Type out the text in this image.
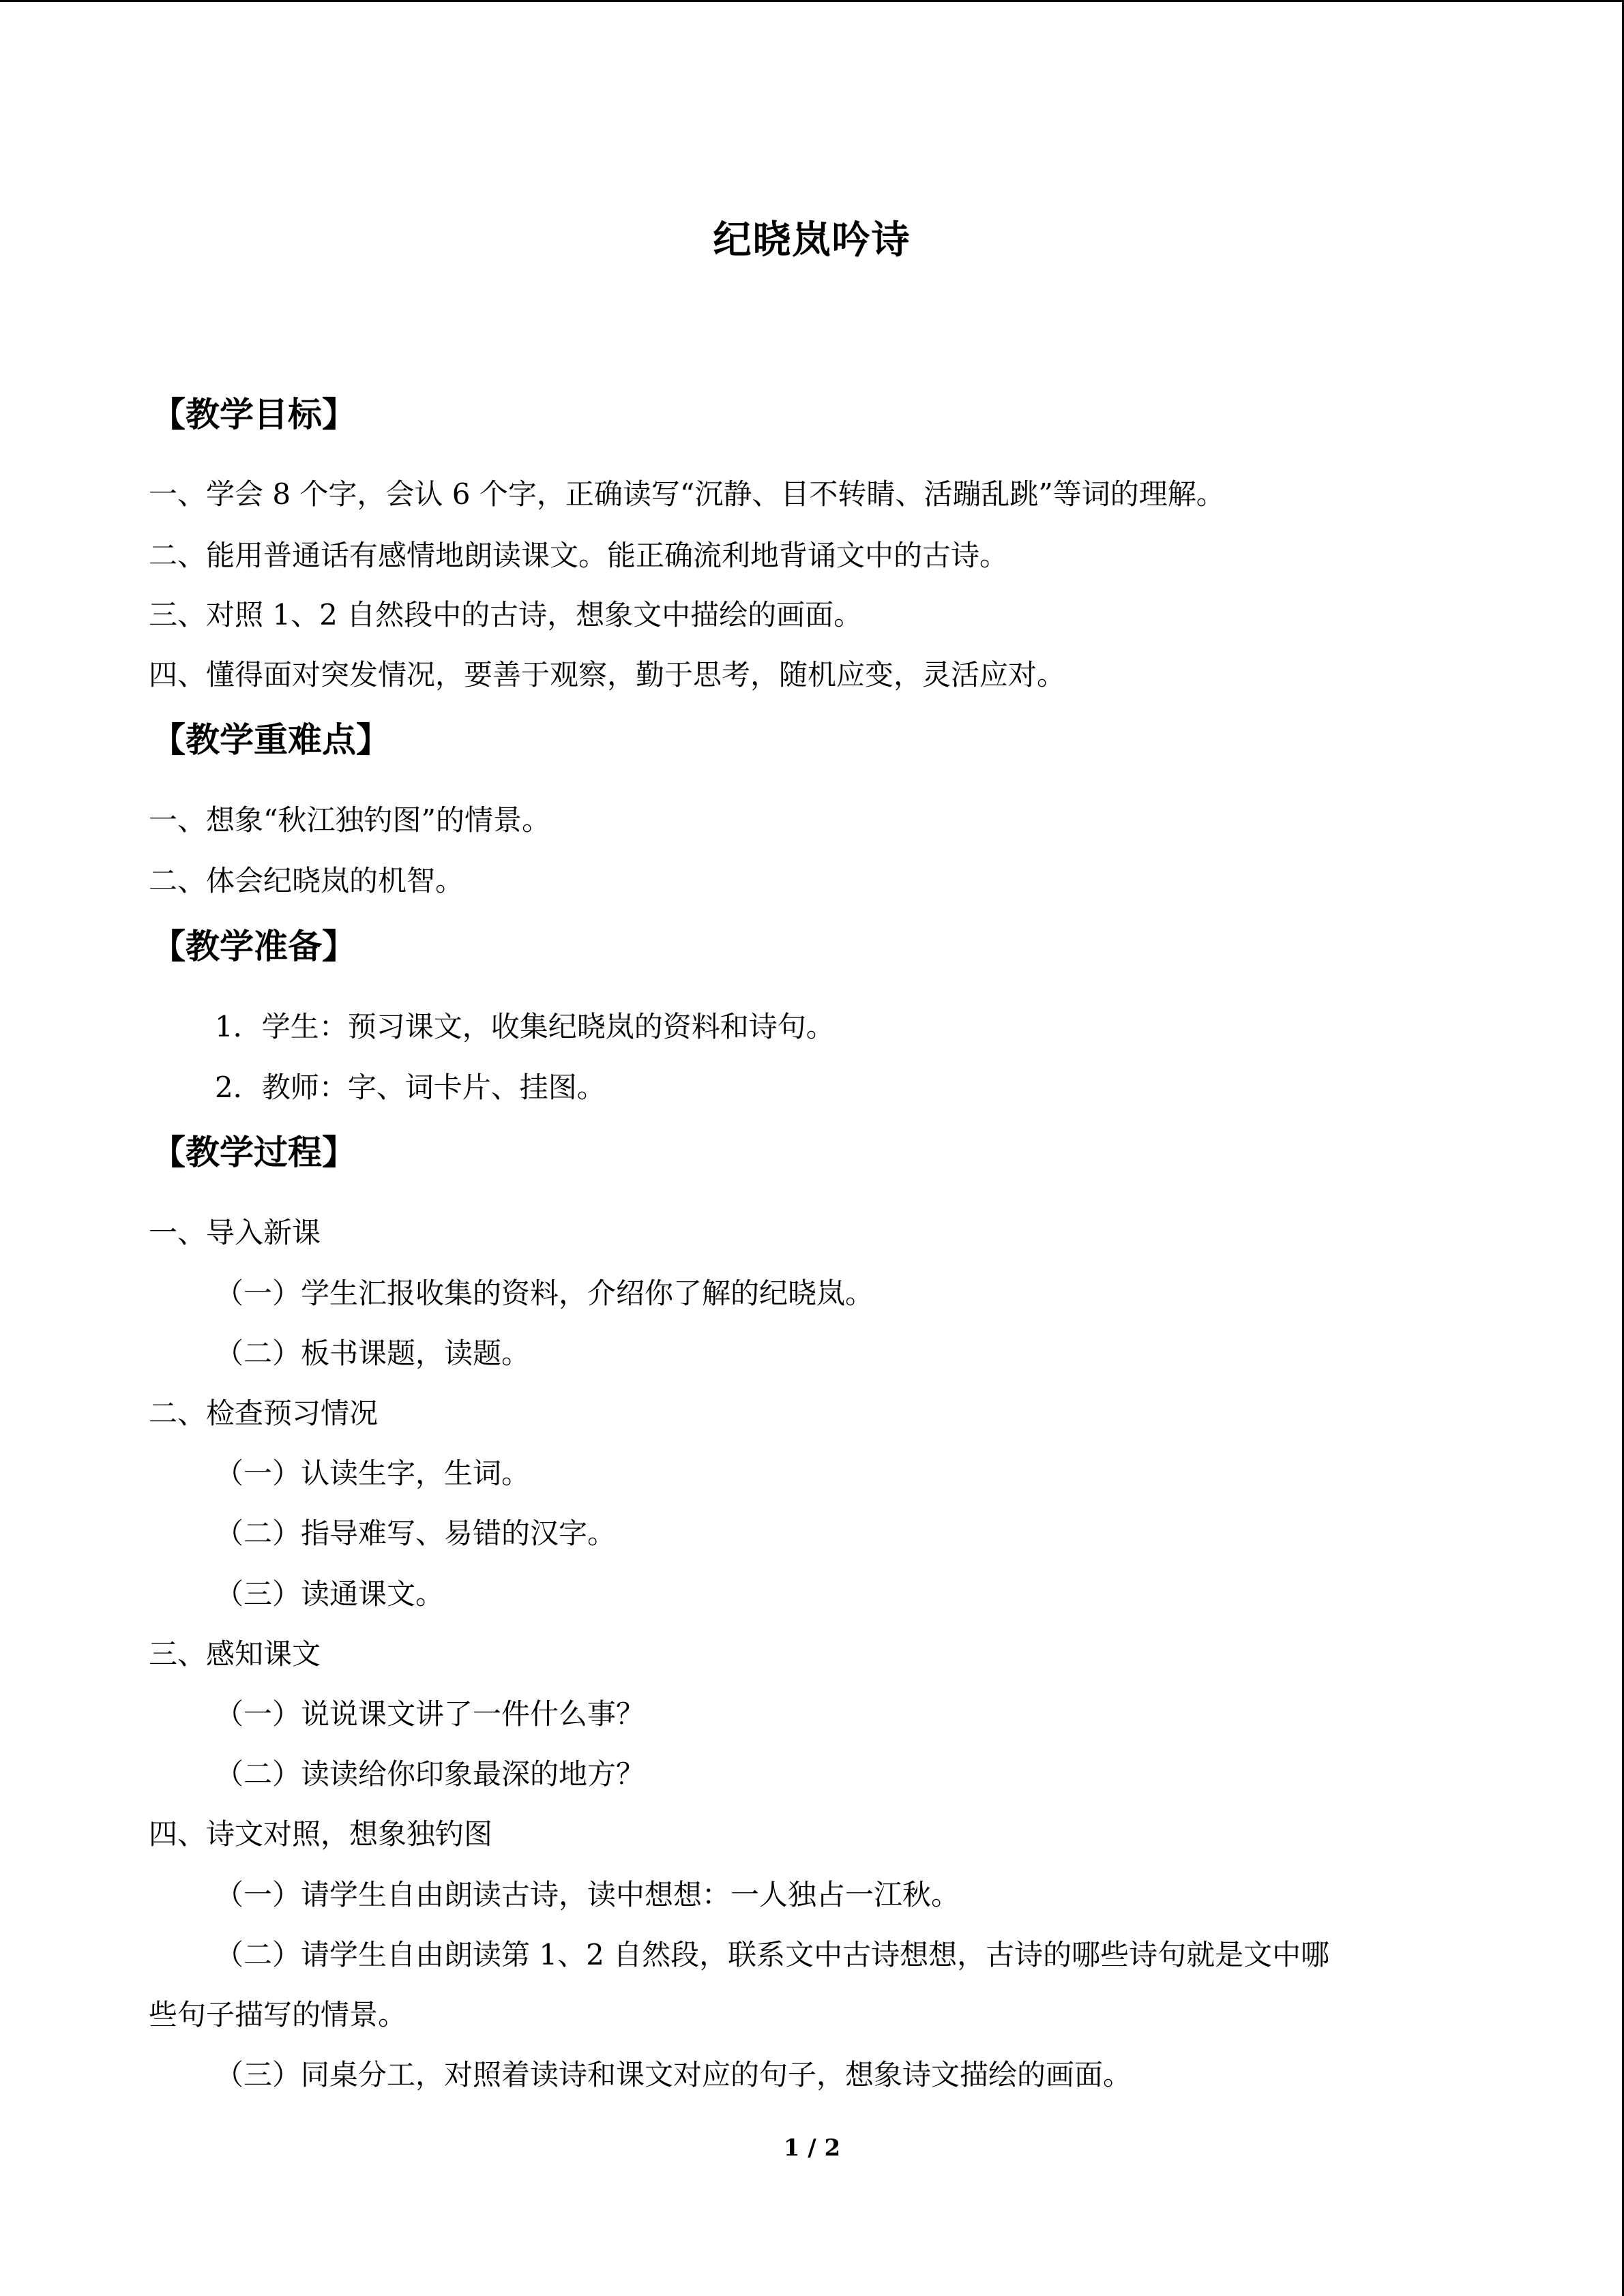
纪晓岚吟诗
【教学目标】
一、学会 8 个字，会认 6 个字，正确读写“沉静、目不转睛、活蹦乱跳”等词的理解。
二、能用普通话有感情地朗读课文。能正确流利地背诵文中的古诗。
三、对照 1、2 自然段中的古诗，想象文中描绘的画面。
四、懂得面对突发情况，要善于观察，勤于思考，随机应变，灵活应对。
【教学重难点】
一、想象“秋江独钓图”的情景。
二、体会纪晓岚的机智。
【教学准备】
1．学生：预习课文，收集纪晓岚的资料和诗句。
2．教师：字、词卡片、挂图。
【教学过程】
一、导入新课
（一）学生汇报收集的资料，介绍你了解的纪晓岚。
（二）板书课题，读题。
二、检查预习情况
（一）认读生字，生词。
（二）指导难写、易错的汉字。
（三）读通课文。
三、感知课文
（一）说说课文讲了一件什么事？
（二）读读给你印象最深的地方？
四、诗文对照，想象独钓图
（一）请学生自由朗读古诗，读中想想：一人独占一江秋。
（二）请学生自由朗读第 1、2 自然段，联系文中古诗想想，古诗的哪些诗句就是文中哪
些句子描写的情景。
（三）同桌分工，对照着读诗和课文对应的句子，想象诗文描绘的画面。
1 / 2
